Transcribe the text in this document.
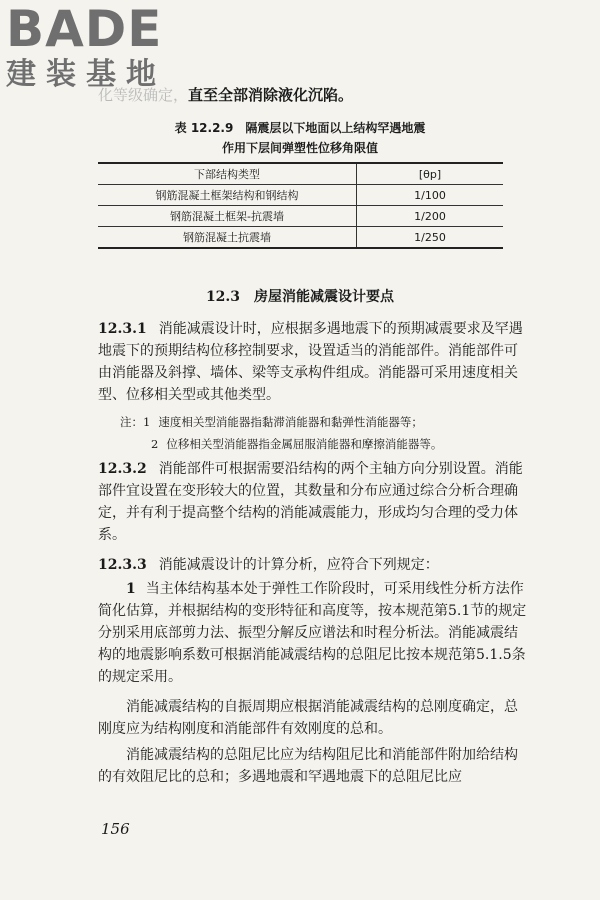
BADE
建装基地
化等级确定，直至全部消除液化沉陷。
表 12.2.9　隔震层以下地面以上结构罕遇地震
作用下层间弹塑性位移角限值
下部结构类型	[θp]
钢筋混凝土框架结构和钢结构	1/100
钢筋混凝土框架-抗震墙	1/200
钢筋混凝土抗震墙	1/250
12.3 房屋消能减震设计要点
12.3.1 消能减震设计时，应根据多遇地震下的预期减震要求及罕遇地震下的预期结构位移控制要求，设置适当的消能部件。消能部件可由消能器及斜撑、墙体、梁等支承构件组成。消能器可采用速度相关型、位移相关型或其他类型。
注：1 速度相关型消能器指黏滞消能器和黏弹性消能器等；
2 位移相关型消能器指金属屈服消能器和摩擦消能器等。
12.3.2 消能部件可根据需要沿结构的两个主轴方向分别设置。消能部件宜设置在变形较大的位置，其数量和分布应通过综合分析合理确定，并有利于提高整个结构的消能减震能力，形成均匀合理的受力体系。
12.3.3 消能减震设计的计算分析，应符合下列规定：
1 当主体结构基本处于弹性工作阶段时，可采用线性分析方法作简化估算，并根据结构的变形特征和高度等，按本规范第5.1节的规定分别采用底部剪力法、振型分解反应谱法和时程分析法。消能减震结构的地震影响系数可根据消能减震结构的总阻尼比按本规范第5.1.5条的规定采用。
消能减震结构的自振周期应根据消能减震结构的总刚度确定，总刚度应为结构刚度和消能部件有效刚度的总和。
消能减震结构的总阻尼比应为结构阻尼比和消能部件附加给结构的有效阻尼比的总和；多遇地震和罕遇地震下的总阻尼比应
156
